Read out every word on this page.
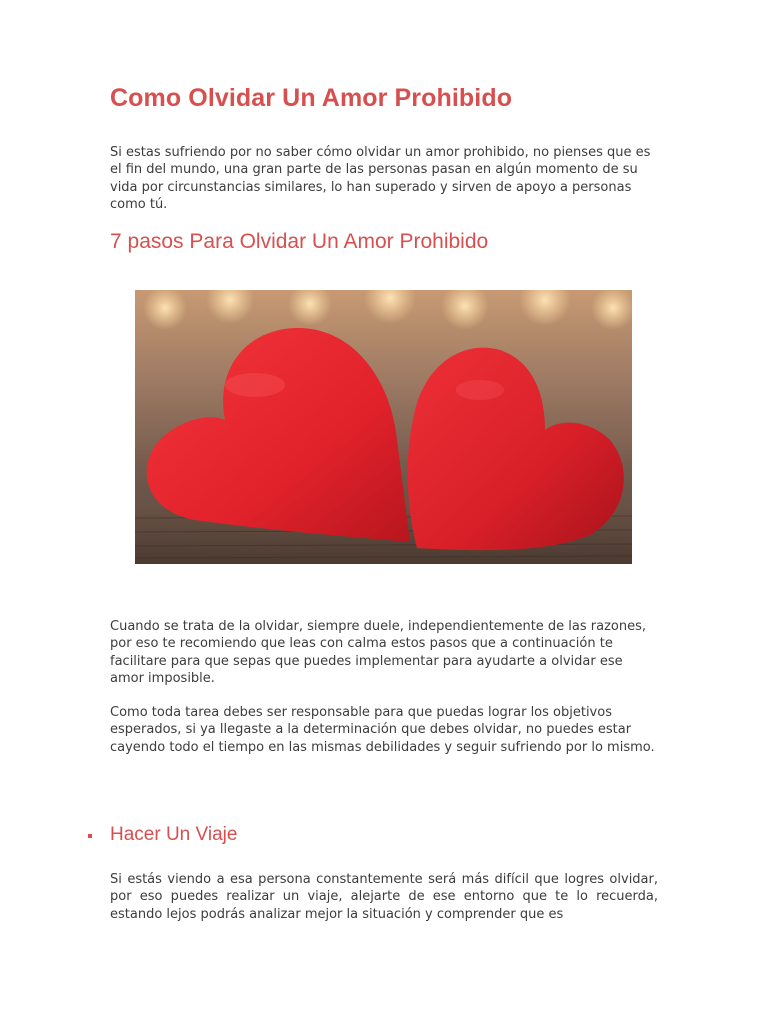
Como Olvidar Un Amor Prohibido

Si estas sufriendo por no saber cómo olvidar un amor prohibido, no pienses que es el fin del mundo, una gran parte de las personas pasan en algún momento de su vida por circunstancias similares, lo han superado y sirven de apoyo a personas como tú.

7 pasos Para Olvidar Un Amor Prohibido

Cuando se trata de la olvidar, siempre duele, independientemente de las razones, por eso te recomiendo que leas con calma estos pasos que a continuación te facilitare para que sepas que puedes implementar para ayudarte a olvidar ese amor imposible.

Como toda tarea debes ser responsable para que puedas lograr los objetivos esperados, si ya llegaste a la determinación que debes olvidar, no puedes estar cayendo todo el tiempo en las mismas debilidades y seguir sufriendo por lo mismo.

Hacer Un Viaje

Si estás viendo a esa persona constantemente será más difícil que logres olvidar, por eso puedes realizar un viaje, alejarte de ese entorno que te lo recuerda, estando lejos podrás analizar mejor la situación y comprender que es
